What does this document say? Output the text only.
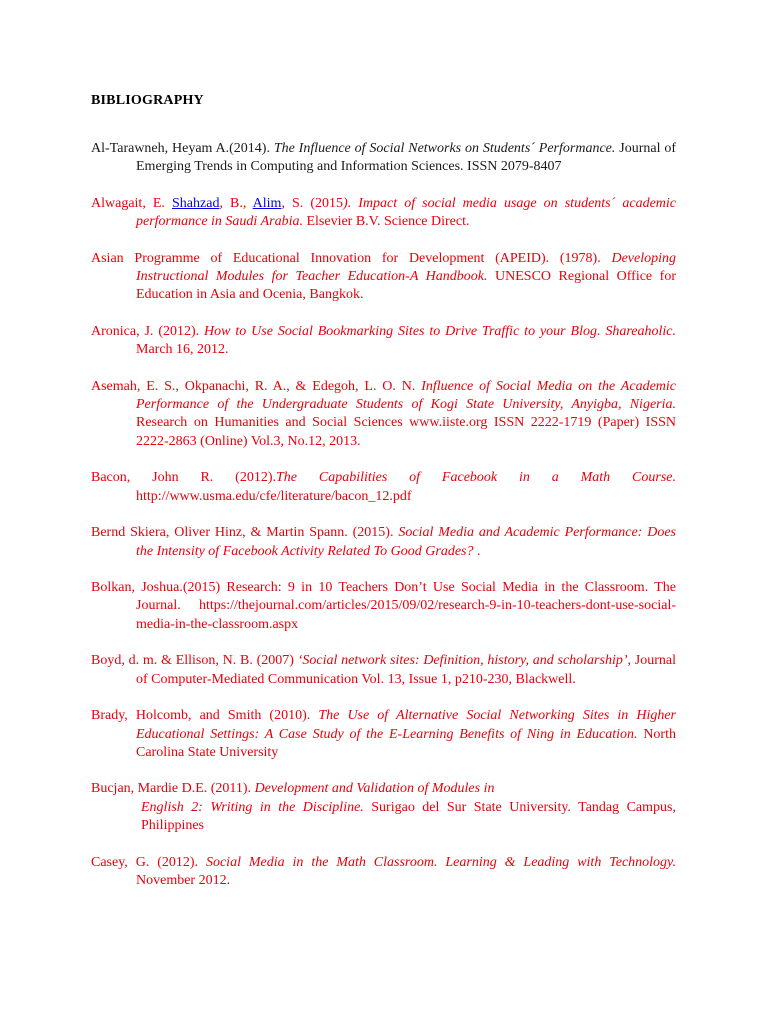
BIBLIOGRAPHY

Al-Tarawneh, Heyam A.(2014). The Influence of Social Networks on Students´ Performance. Journal of Emerging Trends in Computing and Information Sciences. ISSN 2079-8407

Alwagait, E. Shahzad, B., Alim, S. (2015). Impact of social media usage on students´ academic performance in Saudi Arabia. Elsevier B.V. Science Direct.

Asian Programme of Educational Innovation for Development (APEID). (1978). Developing Instructional Modules for Teacher Education-A Handbook. UNESCO Regional Office for Education in Asia and Ocenia, Bangkok.

Aronica, J. (2012). How to Use Social Bookmarking Sites to Drive Traffic to your Blog. Shareaholic. March 16, 2012.

Asemah, E. S., Okpanachi, R. A., & Edegoh, L. O. N. Influence of Social Media on the Academic Performance of the Undergraduate Students of Kogi State University, Anyigba, Nigeria. Research on Humanities and Social Sciences www.iiste.org ISSN 2222-1719 (Paper) ISSN 2222-2863 (Online) Vol.3, No.12, 2013.

Bacon, John R. (2012).The Capabilities of Facebook in a Math Course. http://www.usma.edu/cfe/literature/bacon_12.pdf

Bernd Skiera, Oliver Hinz, & Martin Spann. (2015). Social Media and Academic Performance: Does the Intensity of Facebook Activity Related To Good Grades? .

Bolkan, Joshua.(2015) Research: 9 in 10 Teachers Don’t Use Social Media in the Classroom. The Journal. https://thejournal.com/articles/2015/09/02/research-9-in-10-teachers-dont-use-social-media-in-the-classroom.aspx

Boyd, d. m. & Ellison, N. B. (2007) ‘Social network sites: Definition, history, and scholarship’, Journal of Computer-Mediated Communication Vol. 13, Issue 1, p210-230, Blackwell.

Brady, Holcomb, and Smith (2010). The Use of Alternative Social Networking Sites in Higher Educational Settings: A Case Study of the E-Learning Benefits of Ning in Education. North Carolina State University

Bucjan, Mardie D.E. (2011). Development and Validation of Modules in
English 2: Writing in the Discipline. Surigao del Sur State University. Tandag Campus, Philippines

Casey, G. (2012). Social Media in the Math Classroom. Learning & Leading with Technology. November 2012.
